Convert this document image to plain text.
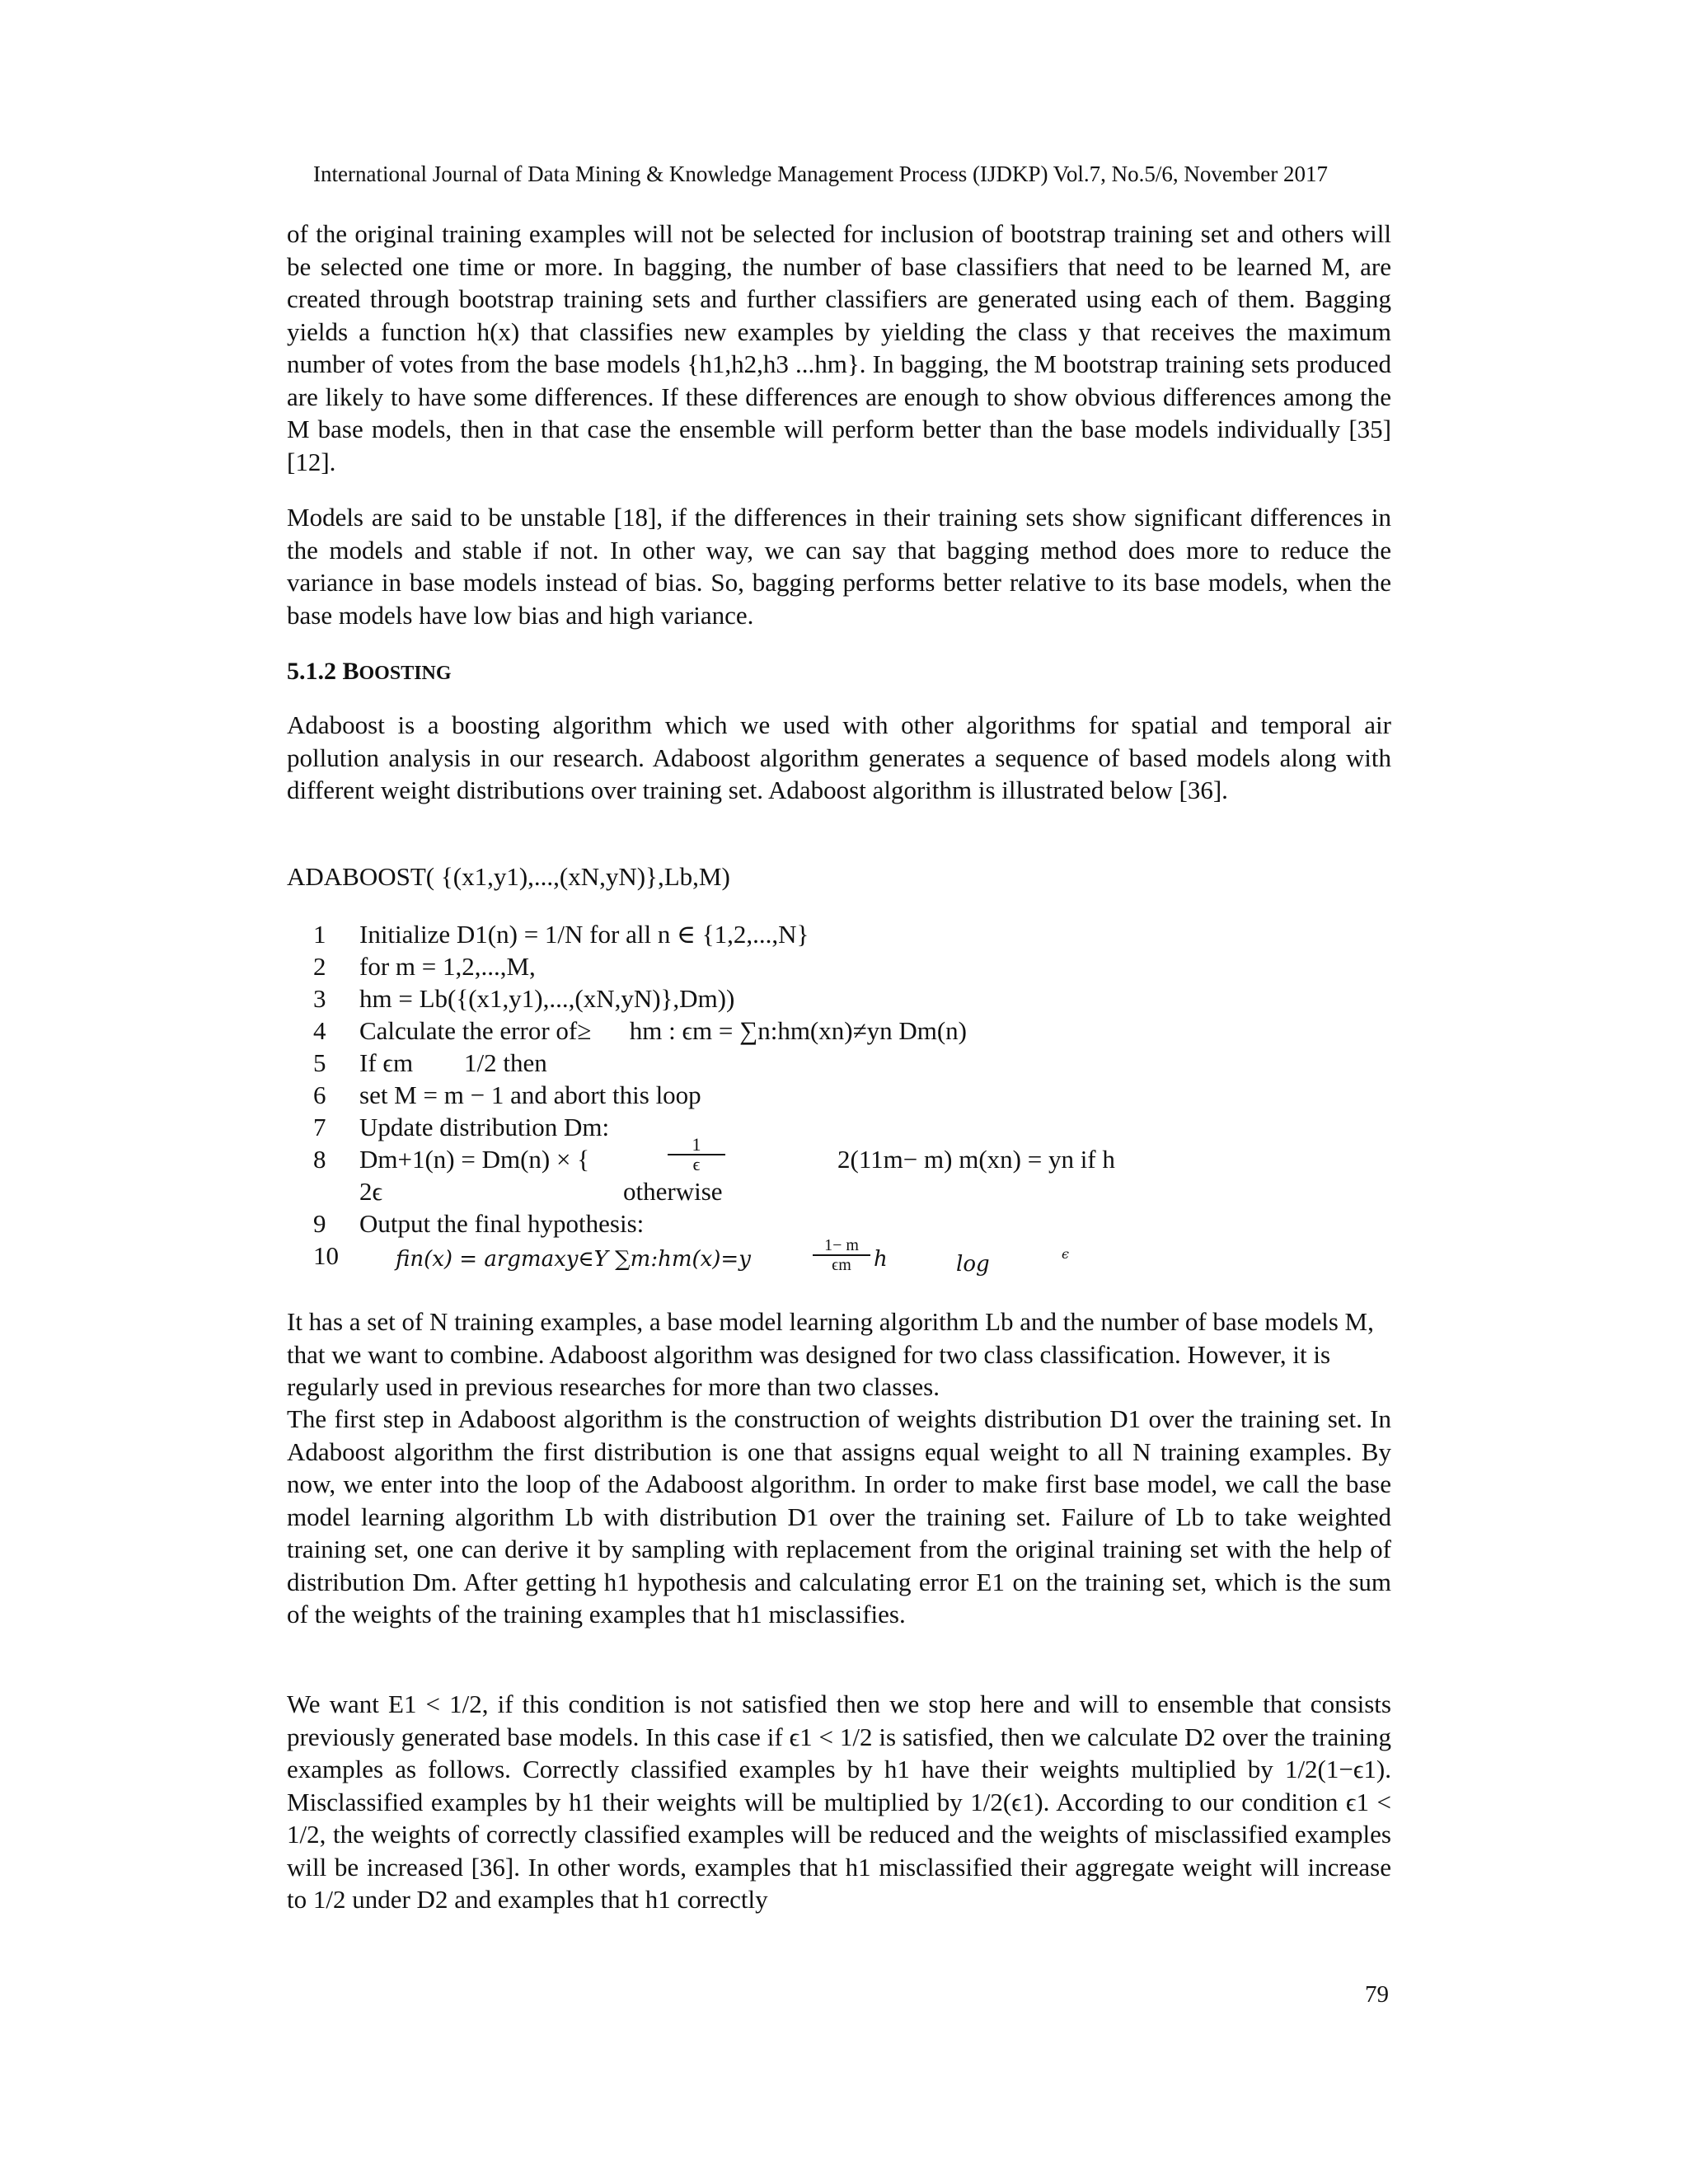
International Journal of Data Mining & Knowledge Management Process (IJDKP) Vol.7, No.5/6, November 2017

of the original training examples will not be selected for inclusion of bootstrap training set and others will be selected one time or more. In bagging, the number of base classifiers that need to be learned M, are created through bootstrap training sets and further classifiers are generated using each of them. Bagging yields a function h(x) that classifies new examples by yielding the class y that receives the maximum number of votes from the base models {h1,h2,h3 ...hm}. In bagging, the M bootstrap training sets produced are likely to have some differences. If these differences are enough to show obvious differences among the M base models, then in that case the ensemble will perform better than the base models individually [35] [12].

Models are said to be unstable [18], if the differences in their training sets show significant differences in the models and stable if not. In other way, we can say that bagging method does more to reduce the variance in base models instead of bias. So, bagging performs better relative to its base models, when the base models have low bias and high variance.

5.1.2 BOOSTING

Adaboost is a boosting algorithm which we used with other algorithms for spatial and temporal air pollution analysis in our research. Adaboost algorithm generates a sequence of based models along with different weight distributions over training set. Adaboost algorithm is illustrated below [36].

ADABOOST( {(x1,y1),...,(xN,yN)},Lb,M)

1 Initialize D1(n) = 1/N for all n ∈ {1,2,...,N}
2 for m = 1,2,...,M,
3 hm = Lb({(x1,y1),...,(xN,yN)},Dm))
4 Calculate the error of≥      hm : ϵm = ∑n:hm(xn)≠yn Dm(n)
5 If ϵm        1/2 then
6 set M = m − 1 and abort this loop
7 Update distribution Dm:
8 Dm+1(n) = Dm(n) × {
2ϵ
9 Output the final hypothesis:
10
1
ϵ	2(11m− m) m(xn) = yn if h
otherwise
fin(x) = argmaxy∈Y ∑m:hm(x)=y
1− m
ϵm	h	log	ϵ

It has a set of N training examples, a base model learning algorithm Lb and the number of base models M, that we want to combine. Adaboost algorithm was designed for two class classification. However, it is regularly used in previous researches for more than two classes.

The first step in Adaboost algorithm is the construction of weights distribution D1 over the training set. In Adaboost algorithm the first distribution is one that assigns equal weight to all N training examples. By now, we enter into the loop of the Adaboost algorithm. In order to make first base model, we call the base model learning algorithm Lb with distribution D1 over the training set. Failure of Lb to take weighted training set, one can derive it by sampling with replacement from the original training set with the help of distribution Dm. After getting h1 hypothesis and calculating error E1 on the training set, which is the sum of the weights of the training examples that h1 misclassifies.

We want E1 < 1/2, if this condition is not satisfied then we stop here and will to ensemble that consists previously generated base models. In this case if ϵ1 < 1/2 is satisfied, then we calculate D2 over the training examples as follows. Correctly classified examples by h1 have their weights multiplied by 1/2(1−ϵ1). Misclassified examples by h1 their weights will be multiplied by 1/2(ϵ1). According to our condition ϵ1 < 1/2, the weights of correctly classified examples will be reduced and the weights of misclassified examples will be increased [36]. In other words, examples that h1 misclassified their aggregate weight will increase to 1/2 under D2 and examples that h1 correctly

79
